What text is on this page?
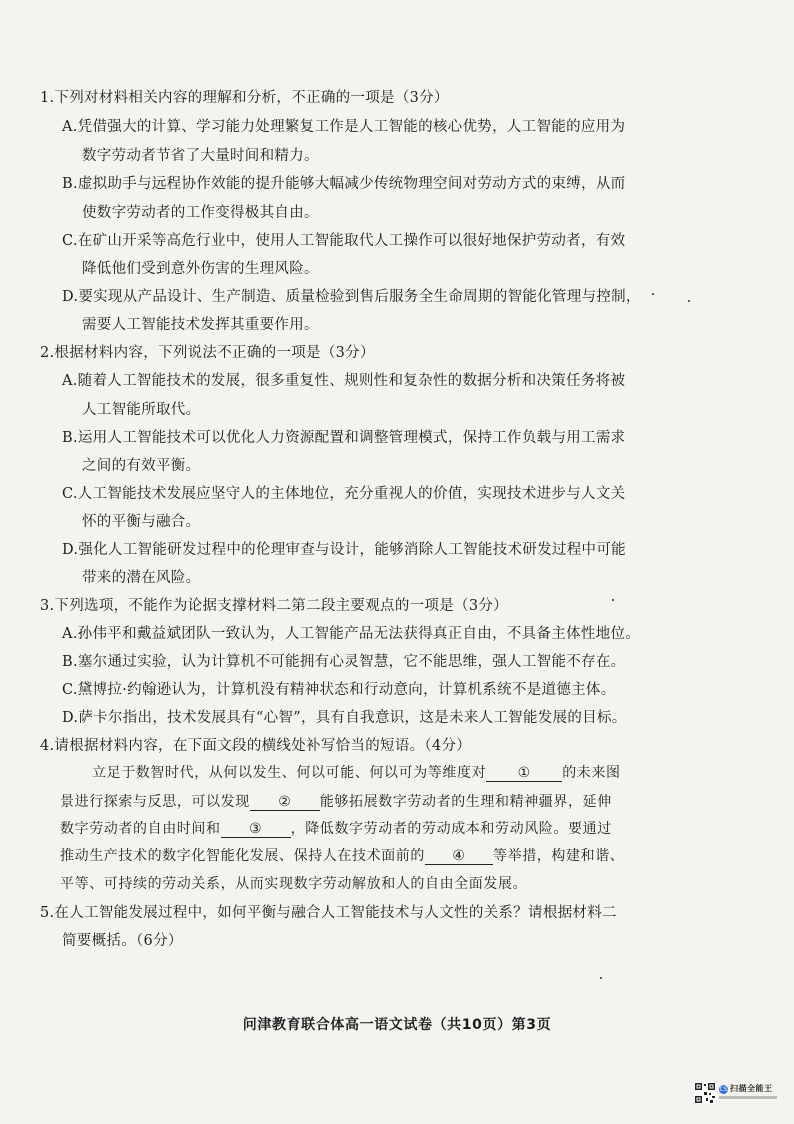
1.下列对材料相关内容的理解和分析，不正确的一项是（3分）
A.凭借强大的计算、学习能力处理繁复工作是人工智能的核心优势，人工智能的应用为
数字劳动者节省了大量时间和精力。
B.虚拟助手与远程协作效能的提升能够大幅减少传统物理空间对劳动方式的束缚，从而
使数字劳动者的工作变得极其自由。
C.在矿山开采等高危行业中，使用人工智能取代人工操作可以很好地保护劳动者，有效
降低他们受到意外伤害的生理风险。
D.要实现从产品设计、生产制造、质量检验到售后服务全生命周期的智能化管理与控制，
需要人工智能技术发挥其重要作用。
2.根据材料内容，下列说法不正确的一项是（3分）
A.随着人工智能技术的发展，很多重复性、规则性和复杂性的数据分析和决策任务将被
人工智能所取代。
B.运用人工智能技术可以优化人力资源配置和调整管理模式，保持工作负载与用工需求
之间的有效平衡。
C.人工智能技术发展应坚守人的主体地位，充分重视人的价值，实现技术进步与人文关
怀的平衡与融合。
D.强化人工智能研发过程中的伦理审查与设计，能够消除人工智能技术研发过程中可能
带来的潜在风险。
3.下列选项，不能作为论据支撑材料二第二段主要观点的一项是（3分）
A.孙伟平和戴益斌团队一致认为，人工智能产品无法获得真正自由，不具备主体性地位。
B.塞尔通过实验，认为计算机不可能拥有心灵智慧，它不能思维，强人工智能不存在。
C.黛博拉·约翰逊认为，计算机没有精神状态和行动意向，计算机系统不是道德主体。
D.萨卡尔指出，技术发展具有“心智”，具有自我意识，这是未来人工智能发展的目标。
4.请根据材料内容，在下面文段的横线处补写恰当的短语。（4分）
立足于数智时代，从何以发生、何以可能、何以可为等维度对 ① 的未来图
景进行探索与反思，可以发现 ② 能够拓展数字劳动者的生理和精神疆界，延伸
数字劳动者的自由时间和 ③ ，降低数字劳动者的劳动成本和劳动风险。要通过
推动生产技术的数字化智能化发展、保持人在技术面前的 ④ 等举措，构建和谐、
平等、可持续的劳动关系，从而实现数字劳动解放和人的自由全面发展。
5.在人工智能发展过程中，如何平衡与融合人工智能技术与人文性的关系？请根据材料二
简要概括。（6分）
问津教育联合体高一语文试卷（共10页）第3页
CS 扫描全能王
